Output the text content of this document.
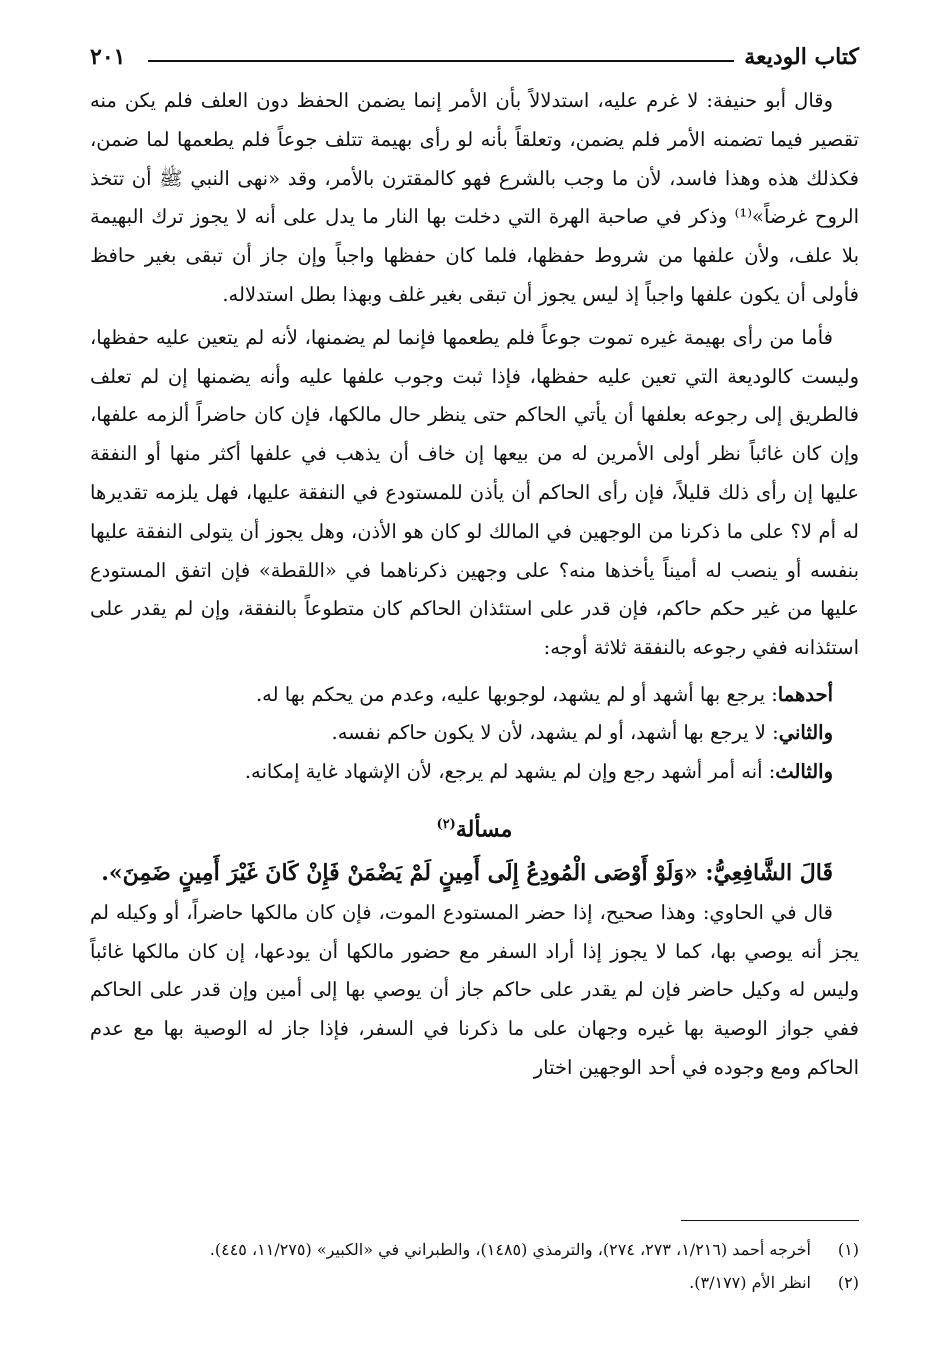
كتاب الوديعة
٢٠١

وقال أبو حنيفة: لا غرم عليه، استدلالاً بأن الأمر إنما يضمن الحفظ دون العلف فلم يكن منه تقصير فيما تضمنه الأمر فلم يضمن، وتعلقاً بأنه لو رأى بهيمة تتلف جوعاً فلم يطعمها لما ضمن، فكذلك هذه وهذا فاسد، لأن ما وجب بالشرع فهو كالمقترن بالأمر، وقد «نهى النبي ﷺ أن تتخذ الروح غرضاً»⁽¹⁾ وذكر في صاحبة الهرة التي دخلت بها النار ما يدل على أنه لا يجوز ترك البهيمة بلا علف، ولأن علفها من شروط حفظها، فلما كان حفظها واجباً وإن جاز أن تبقى بغير حافظ فأولى أن يكون علفها واجباً إذ ليس يجوز أن تبقى بغير غلف وبهذا بطل استدلاله.

فأما من رأى بهيمة غيره تموت جوعاً فلم يطعمها فإنما لم يضمنها، لأنه لم يتعين عليه حفظها، وليست كالوديعة التي تعين عليه حفظها، فإذا ثبت وجوب علفها عليه وأنه يضمنها إن لم تعلف فالطريق إلى رجوعه بعلفها أن يأتي الحاكم حتى ينظر حال مالكها، فإن كان حاضراً ألزمه علفها، وإن كان غائباً نظر أولى الأمرين له من بيعها إن خاف أن يذهب في علفها أكثر منها أو النفقة عليها إن رأى ذلك قليلاً، فإن رأى الحاكم أن يأذن للمستودع في النفقة عليها، فهل يلزمه تقديرها له أم لا؟ على ما ذكرنا من الوجهين في المالك لو كان هو الأذن، وهل يجوز أن يتولى النفقة عليها بنفسه أو ينصب له أميناً يأخذها منه؟ على وجهين ذكرناهما في «اللقطة» فإن اتفق المستودع عليها من غير حكم حاكم، فإن قدر على استئذان الحاكم كان متطوعاً بالنفقة، وإن لم يقدر على استئذانه ففي رجوعه بالنفقة ثلاثة أوجه:

أحدهما: يرجع بها أشهد أو لم يشهد، لوجوبها عليه، وعدم من يحكم بها له.

والثاني: لا يرجع بها أشهد، أو لم يشهد، لأن لا يكون حاكم نفسه.

والثالث: أنه أمر أشهد رجع وإن لم يشهد لم يرجع، لأن الإشهاد غاية إمكانه.

مسألة$^{(٢)}$

قَالَ الشَّافِعِيُّ: «وَلَوْ أَوْصَى الْمُودِعُ إِلَى أَمِينٍ لَمْ يَضْمَنْ فَإِنْ كَانَ غَيْرَ أَمِينٍ ضَمِنَ».

قال في الحاوي: وهذا صحيح، إذا حضر المستودع الموت، فإن كان مالكها حاضراً، أو وكيله لم يجز أنه يوصي بها، كما لا يجوز إذا أراد السفر مع حضور مالكها أن يودعها، إن كان مالكها غائباً وليس له وكيل حاضر فإن لم يقدر على حاكم جاز أن يوصي بها إلى أمين وإن قدر على الحاكم ففي جواز الوصية بها غيره وجهان على ما ذكرنا في السفر، فإذا جاز له الوصية بها مع عدم الحاكم ومع وجوده في أحد الوجهين اختار

(١)
أخرجه أحمد (١/٢١٦، ٢٧٣، ٢٧٤)، والترمذي (١٤٨٥)، والطبراني في «الكبير» (١١/٢٧٥، ٤٤٥).
(٢)
انظر الأم (٣/١٧٧).
